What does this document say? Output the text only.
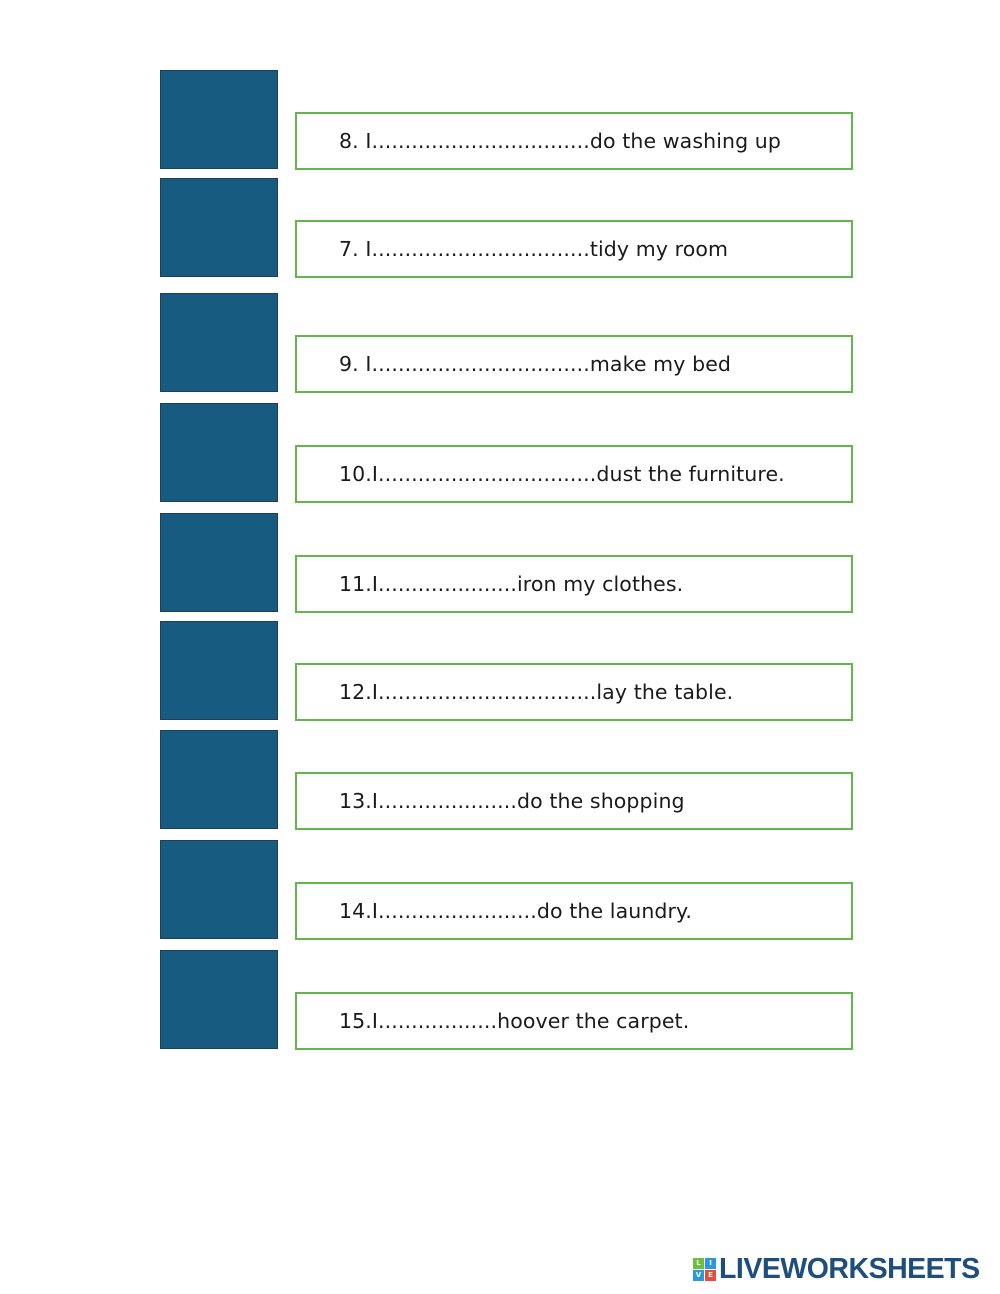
8. I.................................do the washing up
7. I.................................tidy my room
9. I.................................make my bed
10.I.................................dust the furniture.
11.I.....................iron my clothes.
12.I.................................lay the table.
13.I.....................do the shopping
14.I........................do the laundry.
15.I..................hoover the carpet.
L	I
V E LIVEWORKSHEETS
